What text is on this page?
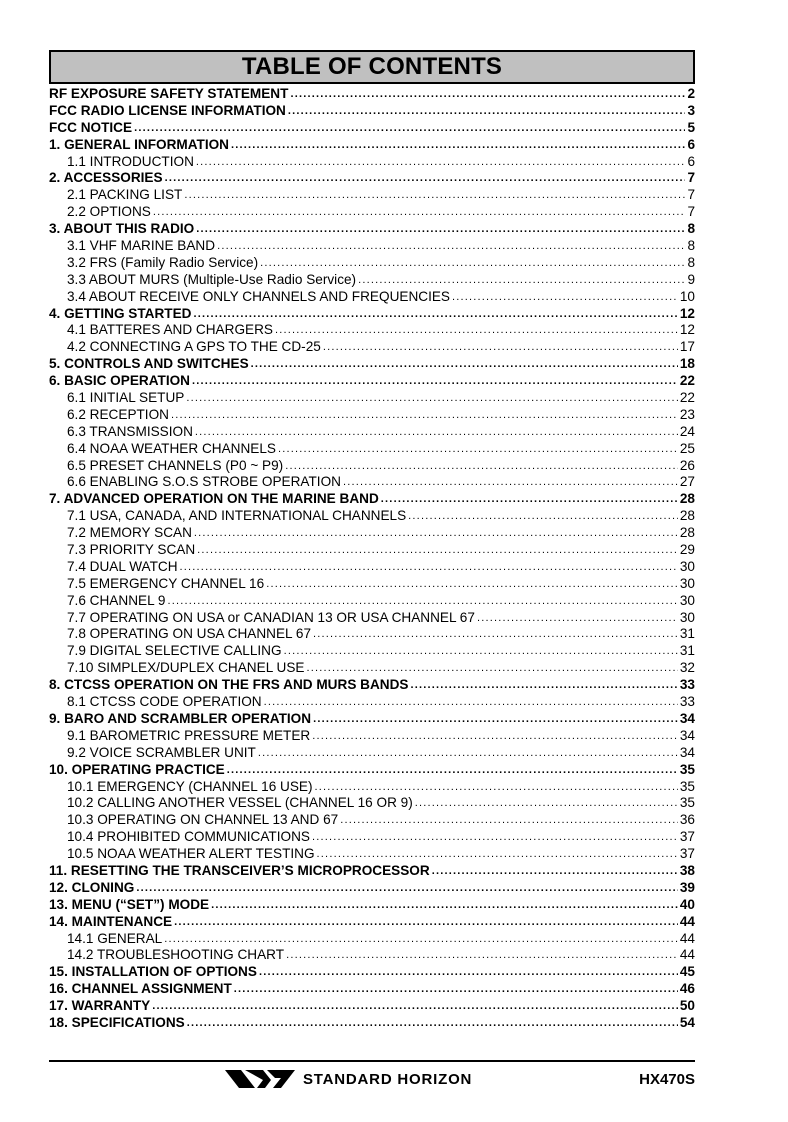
TABLE OF CONTENTS
RF EXPOSURE SAFETY STATEMENT .....	2
FCC RADIO LICENSE INFORMATION .....	3
FCC NOTICE .....	5
1. GENERAL INFORMATION .....	6
1.1 INTRODUCTION .....	6
2. ACCESSORIES .....	7
2.1 PACKING LIST .....	7
2.2 OPTIONS .....	7
3. ABOUT THIS RADIO .....	8
3.1 VHF MARINE BAND .....	8
3.2 FRS (Family Radio Service) .....	8
3.3 ABOUT MURS (Multiple-Use Radio Service) .....	9
3.4 ABOUT RECEIVE ONLY CHANNELS AND FREQUENCIES .....	10
4. GETTING STARTED .....	12
4.1 BATTERES AND CHARGERS .....	12
4.2 CONNECTING A GPS TO THE CD-25 .....	17
5. CONTROLS AND SWITCHES .....	18
6. BASIC OPERATION .....	22
6.1 INITIAL SETUP .....	22
6.2 RECEPTION .....	23
6.3 TRANSMISSION .....	24
6.4 NOAA WEATHER CHANNELS .....	25
6.5 PRESET CHANNELS (P0 ~ P9) .....	26
6.6 ENABLING S.O.S STROBE OPERATION .....	27
7. ADVANCED OPERATION ON THE MARINE BAND .....	28
7.1 USA, CANADA, AND INTERNATIONAL CHANNELS .....	28
7.2 MEMORY SCAN .....	28
7.3 PRIORITY SCAN .....	29
7.4 DUAL WATCH .....	30
7.5 EMERGENCY CHANNEL 16 .....	30
7.6 CHANNEL 9 .....	30
7.7 OPERATING ON USA or CANADIAN 13 OR USA CHANNEL 67 .....	30
7.8 OPERATING ON USA CHANNEL 67 .....	31
7.9 DIGITAL SELECTIVE CALLING .....	31
7.10 SIMPLEX/DUPLEX CHANEL USE .....	32
8. CTCSS OPERATION ON THE FRS AND MURS BANDS .....	33
8.1 CTCSS CODE OPERATION .....	33
9. BARO AND SCRAMBLER OPERATION .....	34
9.1 BAROMETRIC PRESSURE METER .....	34
9.2 VOICE SCRAMBLER UNIT .....	34
10. OPERATING PRACTICE .....	35
10.1 EMERGENCY (CHANNEL 16 USE) .....	35
10.2 CALLING ANOTHER VESSEL (CHANNEL 16 OR 9) .....	35
10.3 OPERATING ON CHANNEL 13 AND 67 .....	36
10.4 PROHIBITED COMMUNICATIONS .....	37
10.5 NOAA WEATHER ALERT TESTING .....	37
11. RESETTING THE TRANSCEIVER’S MICROPROCESSOR .....	38
12. CLONING .....	39
13. MENU (“SET”) MODE .....	40
14. MAINTENANCE .....	44
14.1 GENERAL .....	44
14.2 TROUBLESHOOTING CHART .....	44
15. INSTALLATION OF OPTIONS .....	45
16. CHANNEL ASSIGNMENT .....	46
17. WARRANTY .....	50
18. SPECIFICATIONS .....	54
STANDARD HORIZON	HX470S
